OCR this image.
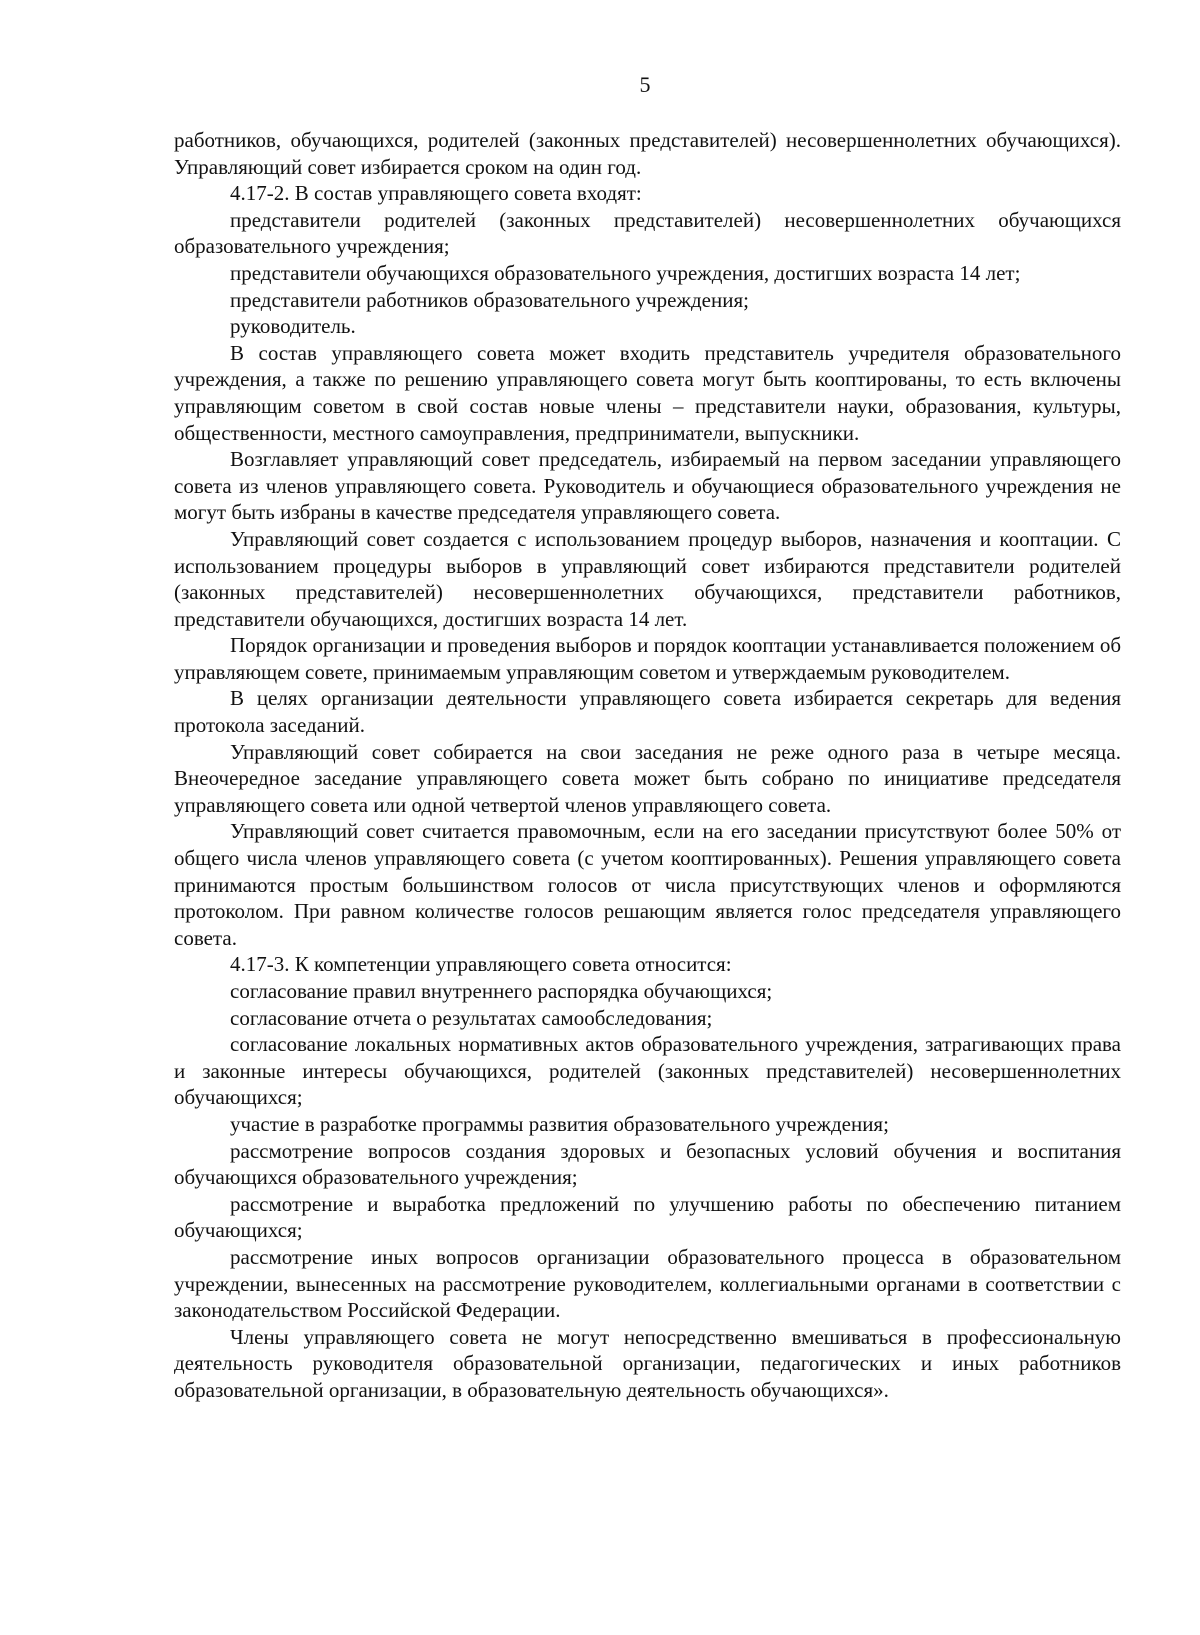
5

работников, обучающихся, родителей (законных представителей) несовершеннолетних обучающихся). Управляющий совет избирается сроком на один год.

4.17-2. В состав управляющего совета входят:

представители родителей (законных представителей) несовершеннолетних обучающихся образовательного учреждения;

представители обучающихся образовательного учреждения, достигших возраста 14 лет;

представители работников образовательного учреждения;

руководитель.

В состав управляющего совета может входить представитель учредителя образовательного учреждения, а также по решению управляющего совета могут быть кооптированы, то есть включены управляющим советом в свой состав новые члены – представители науки, образования, культуры, общественности, местного самоуправления, предприниматели, выпускники.

Возглавляет управляющий совет председатель, избираемый на первом заседании управляющего совета из членов управляющего совета. Руководитель и обучающиеся образовательного учреждения не могут быть избраны в качестве председателя управляющего совета.

Управляющий совет создается с использованием процедур выборов, назначения и кооптации. С использованием процедуры выборов в управляющий совет избираются представители родителей (законных представителей) несовершеннолетних обучающихся, представители работников, представители обучающихся, достигших возраста 14 лет.

Порядок организации и проведения выборов и порядок кооптации устанавливается положением об управляющем совете, принимаемым управляющим советом и утверждаемым руководителем.

В целях организации деятельности управляющего совета избирается секретарь для ведения протокола заседаний.

Управляющий совет собирается на свои заседания не реже одного раза в четыре месяца. Внеочередное заседание управляющего совета может быть собрано по инициативе председателя управляющего совета или одной четвертой членов управляющего совета.

Управляющий совет считается правомочным, если на его заседании присутствуют более 50% от общего числа членов управляющего совета (с учетом кооптированных). Решения управляющего совета принимаются простым большинством голосов от числа присутствующих членов и оформляются протоколом. При равном количестве голосов решающим является голос председателя управляющего совета.

4.17-3. К компетенции управляющего совета относится:

согласование правил внутреннего распорядка обучающихся;

согласование отчета о результатах самообследования;

согласование локальных нормативных актов образовательного учреждения, затрагивающих права и законные интересы обучающихся, родителей (законных представителей) несовершеннолетних обучающихся;

участие в разработке программы развития образовательного учреждения;

рассмотрение вопросов создания здоровых и безопасных условий обучения и воспитания обучающихся образовательного учреждения;

рассмотрение и выработка предложений по улучшению работы по обеспечению питанием обучающихся;

рассмотрение иных вопросов организации образовательного процесса в образовательном учреждении, вынесенных на рассмотрение руководителем, коллегиальными органами в соответствии с законодательством Российской Федерации.

Члены управляющего совета не могут непосредственно вмешиваться в профессиональную деятельность руководителя образовательной организации, педагогических и иных работников образовательной организации, в образовательную деятельность обучающихся».
